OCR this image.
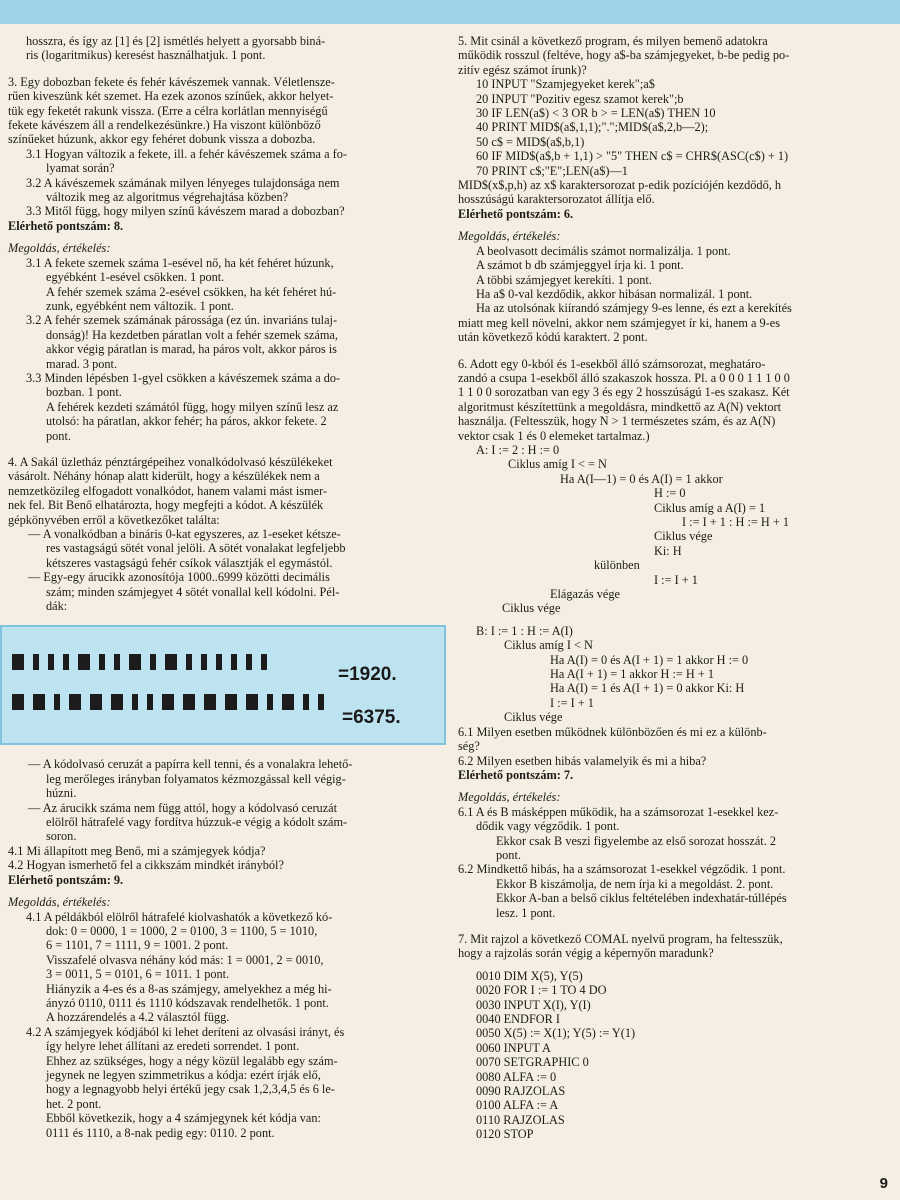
hosszra, és így az [1] és [2] ismétlés helyett a gyorsabb biná-

ris (logaritmikus) keresést használhatjuk. 1 pont.

3. Egy dobozban fekete és fehér kávészemek vannak. Véletlensze-

rűen kiveszünk két szemet. Ha ezek azonos színűek, akkor helyet-

tük egy feketét rakunk vissza. (Erre a célra korlátlan mennyiségű

fekete kávészem áll a rendelkezésünkre.) Ha viszont különböző

színűeket húzunk, akkor egy fehéret dobunk vissza a dobozba.

3.1 Hogyan változik a fekete, ill. a fehér kávészemek száma a fo-

lyamat során?

3.2 A kávészemek számának milyen lényeges tulajdonsága nem

változik meg az algoritmus végrehajtása közben?

3.3 Mitől függ, hogy milyen színű kávészem marad a dobozban?

Elérhető pontszám: 8.

Megoldás, értékelés:

3.1 A fekete szemek száma 1-esével nő, ha két fehéret húzunk,

egyébként 1-esével csökken. 1 pont.

A fehér szemek száma 2-esével csökken, ha két fehéret hú-

zunk, egyébként nem változik. 1 pont.

3.2 A fehér szemek számának párossága (ez ún. invariáns tulaj-

donság)! Ha kezdetben páratlan volt a fehér szemek száma,

akkor végig páratlan is marad, ha páros volt, akkor páros is

marad. 3 pont.

3.3 Minden lépésben 1-gyel csökken a kávészemek száma a do-

bozban. 1 pont.

A fehérek kezdeti számától függ, hogy milyen színű lesz az

utolsó: ha páratlan, akkor fehér; ha páros, akkor fekete. 2

pont.

4. A Sakál üzletház pénztárgépeihez vonalkódolvasó készülékeket

vásárolt. Néhány hónap alatt kiderült, hogy a készülékek nem a

nemzetközileg elfogadott vonalkódot, hanem valami mást ismer-

nek fel. Bit Benő elhatározta, hogy megfejti a kódot. A készülék

gépkönyvében erről a következőket találta:

— A vonalkódban a bináris 0-kat egyszeres, az 1-eseket kétsze-

res vastagságú sötét vonal jelöli. A sötét vonalakat legfeljebb

kétszeres vastagságú fehér csíkok választják el egymástól.

— Egy-egy árucikk azonosítója 1000..6999 közötti decimális

szám; minden számjegyet 4 sötét vonallal kell kódolni. Pél-

dák:

=1920.
=6375.

— A kódolvasó ceruzát a papírra kell tenni, és a vonalakra lehető-

leg merőleges irányban folyamatos kézmozgással kell végig-

húzni.

— Az árucikk száma nem függ attól, hogy a kódolvasó ceruzát

elölről hátrafelé vagy fordítva húzzuk-e végig a kódolt szám-

soron.

4.1 Mi állapított meg Benő, mi a számjegyek kódja?

4.2 Hogyan ismerhető fel a cikkszám mindkét irányból?

Elérhető pontszám: 9.

Megoldás, értékelés:

4.1 A példákból elölről hátrafelé kiolvashatók a következő kó-

dok: 0 = 0000, 1 = 1000, 2 = 0100, 3 = 1100, 5 = 1010,

6 = 1101, 7 = 1111, 9 = 1001. 2 pont.

Visszafelé olvasva néhány kód más: 1 = 0001, 2 = 0010,

3 = 0011, 5 = 0101, 6 = 1011. 1 pont.

Hiányzik a 4-es és a 8-as számjegy, amelyekhez a még hi-

ányzó 0110, 0111 és 1110 kódszavak rendelhetők. 1 pont.

A hozzárendelés a 4.2 választól függ.

4.2 A számjegyek kódjából ki lehet deríteni az olvasási irányt, és

így helyre lehet állítani az eredeti sorrendet. 1 pont.

Ehhez az szükséges, hogy a négy közül legalább egy szám-

jegynek ne legyen szimmetrikus a kódja: ezért írják elő,

hogy a legnagyobb helyi értékű jegy csak 1,2,3,4,5 és 6 le-

het. 2 pont.

Ebből következik, hogy a 4 számjegynek két kódja van:

0111 és 1110, a 8-nak pedig egy: 0110. 2 pont.

5. Mit csinál a következő program, és milyen bemenő adatokra

működik rosszul (feltéve, hogy a$-ba számjegyeket, b-be pedig po-

zitív egész számot írunk)?

10 INPUT "Szamjegyeket kerek";a$

20 INPUT "Pozitiv egesz szamot kerek";b

30 IF LEN(a$) < 3 OR b > = LEN(a$) THEN 10

40 PRINT MID$(a$,1,1);".";MID$(a$,2,b—2);

50 c$ = MID$(a$,b,1)

60 IF MID$(a$,b + 1,1) > "5" THEN c$ = CHR$(ASC(c$) + 1)

70 PRINT c$;"E";LEN(a$)—1

MID$(x$,p,h) az x$ karaktersorozat p-edik pozíciójén kezdődő, h

hosszúságú karaktersorozatot állítja elő.

Elérhető pontszám: 6.

Megoldás, értékelés:

A beolvasott decimális számot normalizálja. 1 pont.

A számot b db számjeggyel írja ki. 1 pont.

A többi számjegyet kerekíti. 1 pont.

Ha a$ 0-val kezdődik, akkor hibásan normalizál. 1 pont.

Ha az utolsónak kiírandó számjegy 9-es lenne, és ezt a kerekítés

miatt meg kell növelni, akkor nem számjegyet ír ki, hanem a 9-es

után következő kódú karaktert. 2 pont.

6. Adott egy 0-kból és 1-esekből álló számsorozat, meghatáro-

zandó a csupa 1-esekből álló szakaszok hossza. Pl. a 0 0 0 1 1 1 0 0

1 1 0 0 sorozatban van egy 3 és egy 2 hosszúságú 1-es szakasz. Két

algoritmust készítettünk a megoldásra, mindkettő az A(N) vektort

használja. (Feltesszük, hogy N > 1 természetes szám, és az A(N)

vektor csak 1 és 0 elemeket tartalmaz.)

A: I := 2 : H := 0

Ciklus amíg I < = N

Ha A(I—1) = 0 és A(I) = 1 akkor

H := 0

Ciklus amíg a A(I) = 1

I := I + 1 : H := H + 1

Ciklus vége

Ki: H

különben

I := I + 1

Elágazás vége

Ciklus vége

B: I := 1 : H := A(I)

Ciklus amíg I < N

Ha A(I) = 0 és A(I + 1) = 1 akkor H := 0

Ha A(I + 1) = 1 akkor H := H + 1

Ha A(I) = 1 és A(I + 1) = 0 akkor Ki: H

I := I + 1

Ciklus vége

6.1 Milyen esetben működnek különbözően és mi ez a különb-

ség?

6.2 Milyen esetben hibás valamelyik és mi a hiba?

Elérhető pontszám: 7.

Megoldás, értékelés:

6.1 A és B másképpen működik, ha a számsorozat 1-esekkel kez-

dődik vagy végződik. 1 pont.

Ekkor csak B veszi figyelembe az első sorozat hosszát. 2

pont.

6.2 Mindkettő hibás, ha a számsorozat 1-esekkel végződik. 1 pont.

Ekkor B kiszámolja, de nem írja ki a megoldást. 2. pont.

Ekkor A-ban a belső ciklus feltételében indexhatár-túllépés

lesz. 1 pont.

7. Mit rajzol a következő COMAL nyelvű program, ha feltesszük,

hogy a rajzolás során végig a képernyőn maradunk?

0010 DIM X(5), Y(5)

0020 FOR I := 1 TO 4 DO

0030 INPUT X(I), Y(I)

0040 ENDFOR I

0050 X(5) := X(1); Y(5) := Y(1)

0060 INPUT A

0070 SETGRAPHIC 0

0080 ALFA := 0

0090 RAJZOLAS

0100 ALFA := A

0110 RAJZOLAS

0120 STOP

9
